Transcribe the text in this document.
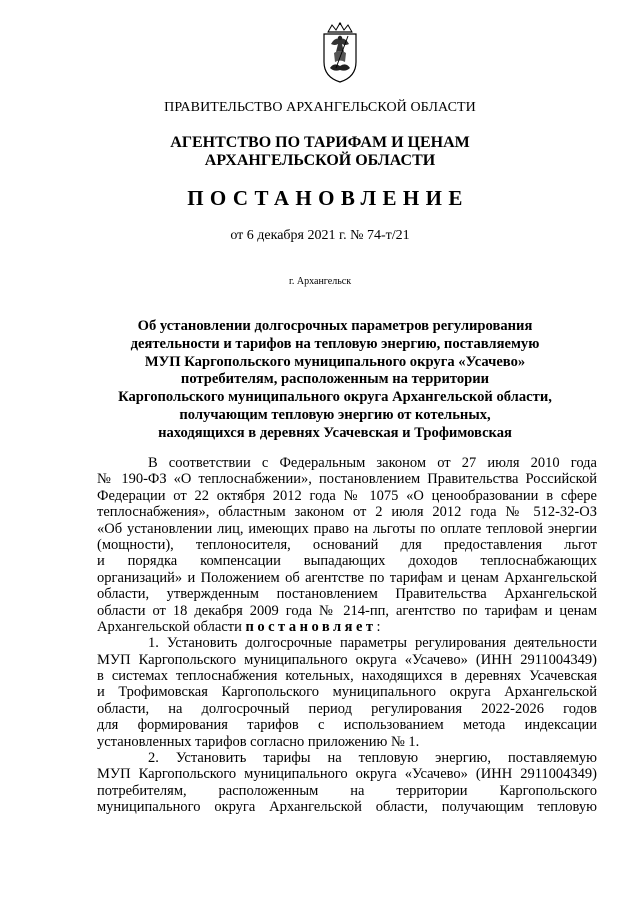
ПРАВИТЕЛЬСТВО АРХАНГЕЛЬСКОЙ ОБЛАСТИ
АГЕНТСТВО ПО ТАРИФАМ И ЦЕНАМ
АРХАНГЕЛЬСКОЙ ОБЛАСТИ
ПОСТАНОВЛЕНИЕ
от 6 декабря 2021 г. № 74-т/21
г. Архангельск
Об установлении долгосрочных параметров регулирования
деятельности и тарифов на тепловую энергию, поставляемую
МУП Каргопольского муниципального округа «Усачево»
потребителям, расположенным на территории
Каргопольского муниципального округа Архангельской области,
получающим тепловую энергию от котельных,
находящихся в деревнях Усачевская и Трофимовская
В соответствии с Федеральным законом от 27 июля 2010 года
№ 190-ФЗ «О теплоснабжении», постановлением Правительства Российской
Федерации от 22 октября 2012 года № 1075 «О ценообразовании в сфере
теплоснабжения», областным законом от 2 июля 2012 года № 512-32-ОЗ
«Об установлении лиц, имеющих право на льготы по оплате тепловой энергии
(мощности), теплоносителя, оснований для предоставления льгот
и порядка компенсации выпадающих доходов теплоснабжающих
организаций» и Положением об агентстве по тарифам и ценам Архангельской
области, утвержденным постановлением Правительства Архангельской
области от 18 декабря 2009 года № 214-пп, агентство по тарифам и ценам
Архангельской области постановляет:
1. Установить долгосрочные параметры регулирования деятельности
МУП Каргопольского муниципального округа «Усачево» (ИНН 2911004349)
в системах теплоснабжения котельных, находящихся в деревнях Усачевская
и Трофимовская Каргопольского муниципального округа Архангельской
области, на долгосрочный период регулирования 2022-2026 годов
для формирования тарифов с использованием метода индексации
установленных тарифов согласно приложению № 1.
2. Установить тарифы на тепловую энергию, поставляемую
МУП Каргопольского муниципального округа «Усачево» (ИНН 2911004349)
потребителям, расположенным на территории Каргопольского
муниципального округа Архангельской области, получающим тепловую
